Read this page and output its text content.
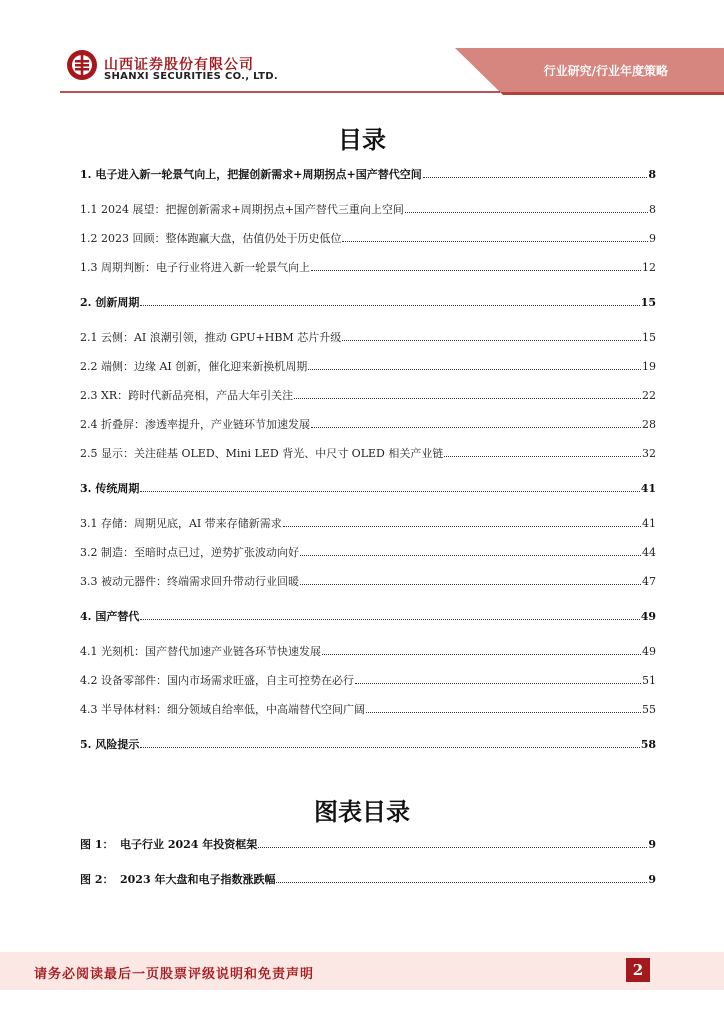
山西证券股份有限公司
SHANXI SECURITIES CO., LTD.	行业研究/行业年度策略
目录
1. 电子进入新一轮景气向上，把握创新需求+周期拐点+国产替代空间	8
1.1 2024 展望：把握创新需求+周期拐点+国产替代三重向上空间	8
1.2 2023 回顾：整体跑赢大盘，估值仍处于历史低位	9
1.3 周期判断：电子行业将进入新一轮景气向上	12
2. 创新周期	15
2.1 云侧：AI 浪潮引领，推动 GPU+HBM 芯片升级	15
2.2 端侧：边缘 AI 创新，催化迎来新换机周期	19
2.3 XR：跨时代新品亮相，产品大年引关注	22
2.4 折叠屏：渗透率提升，产业链环节加速发展	28
2.5 显示：关注硅基 OLED、Mini LED 背光、中尺寸 OLED 相关产业链	32
3. 传统周期	41
3.1 存储：周期见底，AI 带来存储新需求	41
3.2 制造：至暗时点已过，逆势扩张波动向好	44
3.3 被动元器件：终端需求回升带动行业回暖	47
4. 国产替代	49
4.1 光刻机：国产替代加速产业链各环节快速发展	49
4.2 设备零部件：国内市场需求旺盛，自主可控势在必行	51
4.3 半导体材料：细分领域自给率低，中高端替代空间广阔	55
5. 风险提示	58
图表目录
图 1： 电子行业 2024 年投资框架	9
图 2： 2023 年大盘和电子指数涨跌幅	9
请务必阅读最后一页股票评级说明和免责声明	2
